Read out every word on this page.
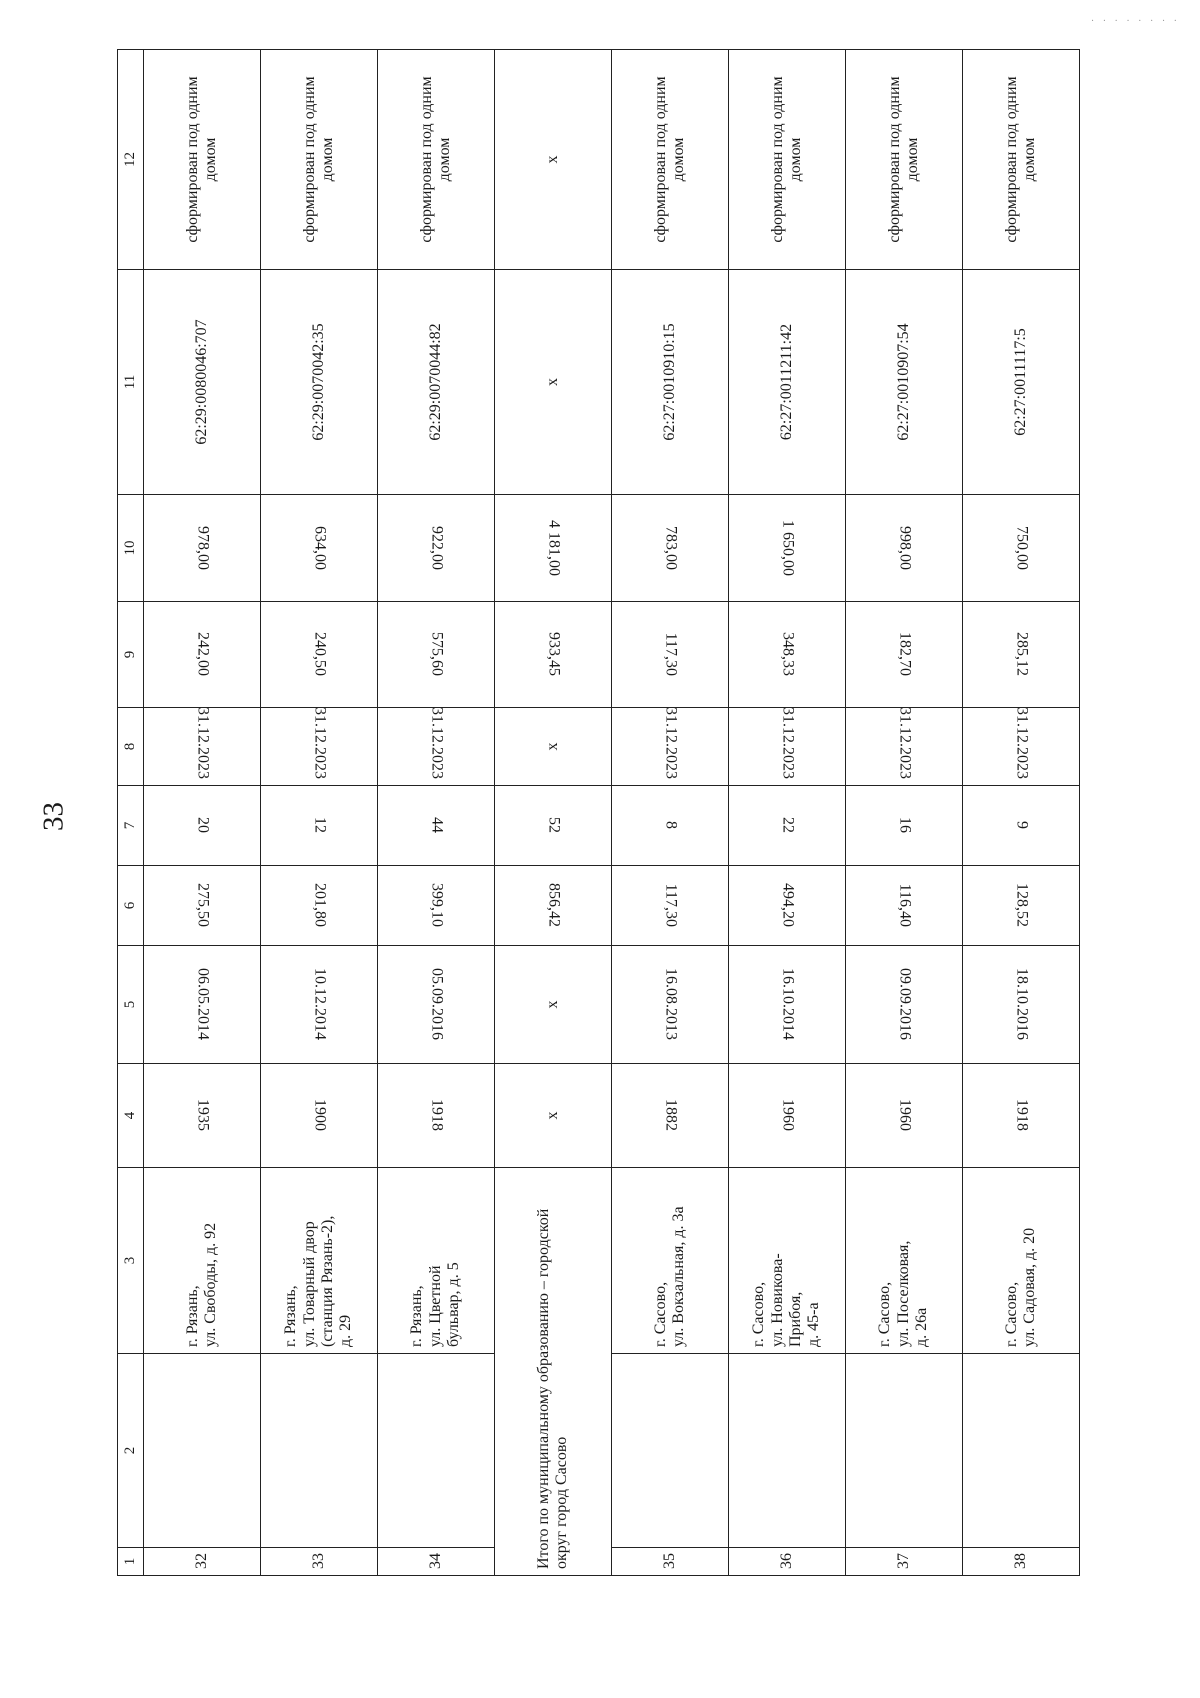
33
· · · · · · · ·
1	2	3	4	5	6	7	8	9	10	11	12
32		г. Рязань,
ул. Свободы, д. 92	1935	06.05.2014	275,50	20	31.12.2023	242,00	978,00	62:29:0080046:707	сформирован под одним домом
33		г. Рязань,
ул. Товарный двор
(станция Рязань-2),
д. 29	1900	10.12.2014	201,80	12	31.12.2023	240,50	634,00	62:29:0070042:35	сформирован под одним домом
34		г. Рязань,
ул. Цветной
бульвар, д. 5	1918	05.09.2016	399,10	44	31.12.2023	575,60	922,00	62:29:0070044:82	сформирован под одним домом
Итого по муниципальному образованию – городской округ город Сасово			x	x	856,42	52	x	933,45	4 181,00	x	x
35		г. Сасово,
ул. Вокзальная, д. 3а	1882	16.08.2013	117,30	8	31.12.2023	117,30	783,00	62:27:0010910:15	сформирован под одним домом
36		г. Сасово,
ул. Новикова-
Прибоя,
д. 45-а	1960	16.10.2014	494,20	22	31.12.2023	348,33	1 650,00	62:27:0011211:42	сформирован под одним домом
37		г. Сасово,
ул. Поселковая,
д. 26а	1960	09.09.2016	116,40	16	31.12.2023	182,70	998,00	62:27:0010907:54	сформирован под одним домом
38		г. Сасово,
ул. Садовая, д. 20	1918	18.10.2016	128,52	9	31.12.2023	285,12	750,00	62:27:0011117:5	сформирован под одним домом
